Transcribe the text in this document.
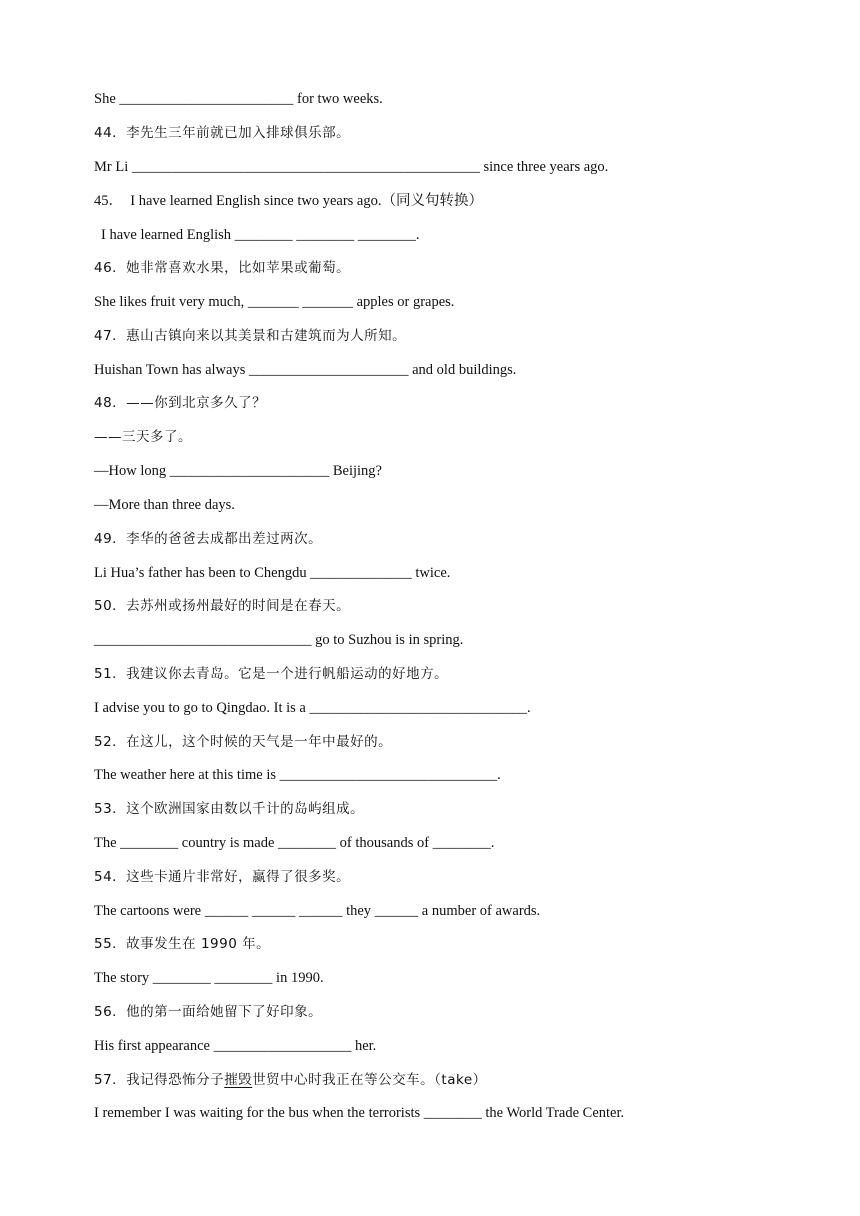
She ________________________ for two weeks.
44．李先生三年前就已加入排球俱乐部。
Mr Li ________________________________________________ since three years ago.
45．  I have learned English since two years ago.（同义句转换）
I have learned English ________ ________ ________.
46．她非常喜欢水果，比如苹果或葡萄。
She likes fruit very much, _______ _______ apples or grapes.
47．惠山古镇向来以其美景和古建筑而为人所知。
Huishan Town has always ______________________ and old buildings.
48．——你到北京多久了？
——三天多了。
—How long ______________________ Beijing?
—More than three days.
49．李华的爸爸去成都出差过两次。
Li Hua’s father has been to Chengdu ______________ twice.
50．去苏州或扬州最好的时间是在春天。
______________________________ go to Suzhou is in spring.
51．我建议你去青岛。它是一个进行帆船运动的好地方。
I advise you to go to Qingdao. It is a ______________________________.
52．在这儿，这个时候的天气是一年中最好的。
The weather here at this time is ______________________________.
53．这个欧洲国家由数以千计的岛屿组成。
The ________ country is made ________ of thousands of ________.
54．这些卡通片非常好，赢得了很多奖。
The cartoons were ______ ______ ______ they ______ a number of awards.
55．故事发生在 1990 年。
The story ________ ________ in 1990.
56．他的第一面给她留下了好印象。
His first appearance ___________________ her.
57．我记得恐怖分子摧毁世贸中心时我正在等公交车。（take）
I remember I was waiting for the bus when the terrorists ________ the World Trade Center.
